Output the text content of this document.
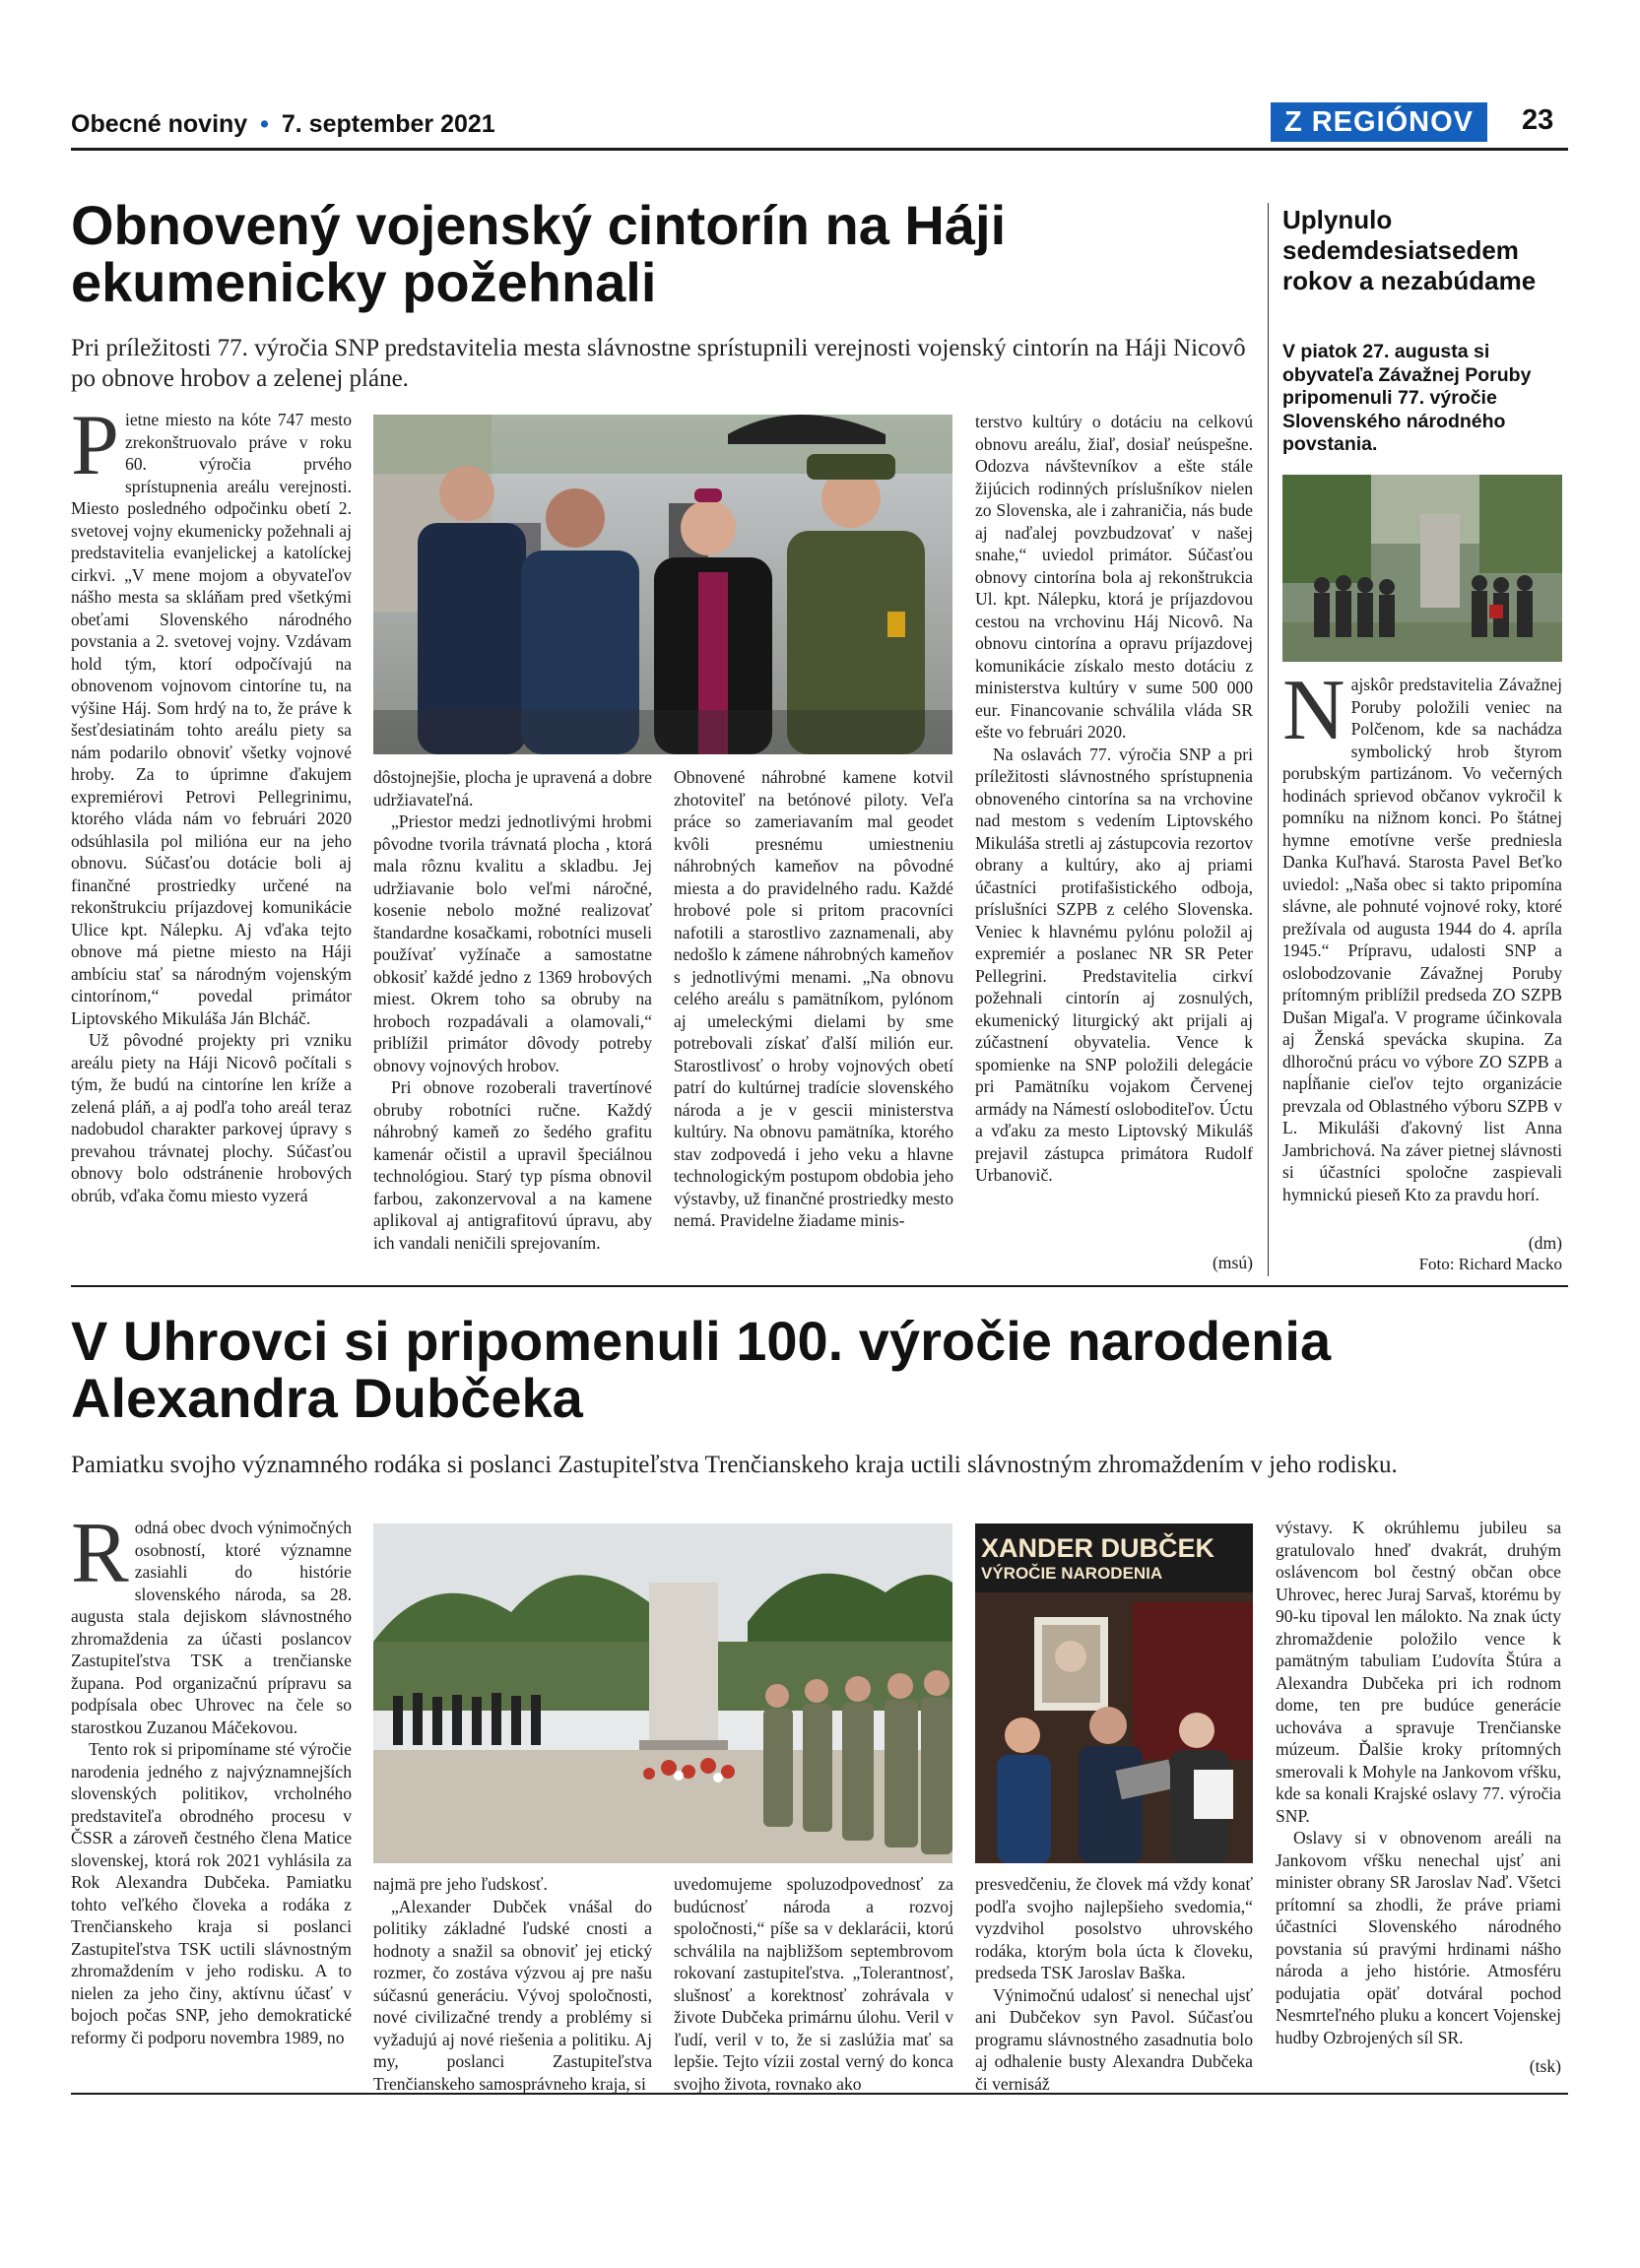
Obecné noviny • 7. september 2021	Z REGIÓNOV	23
Obnovený vojenský cintorín na Háji
ekumenicky požehnali
Pri príležitosti 77. výročia SNP predstavitelia mesta slávnostne sprístupnili verejnosti vojenský cintorín na Háji Nicovô po obnove hrobov a zelenej pláne.
P ietne miesto na kóte 747 mesto zrekonštruovalo práve v roku 60. výročia prvého sprístupnenia areálu verejnosti. Miesto posledného odpočinku obetí 2. svetovej vojny ekumenicky požehnali aj predstavitelia evanjelickej a katolíckej cirkvi. „V mene mojom a obyvateľov nášho mesta sa skláňam pred všetkými obeťami Slovenského národného povstania a 2. svetovej vojny. Vzdávam hold tým, ktorí odpočívajú na obnovenom vojnovom cintoríne tu, na výšine Háj. Som hrdý na to, že práve k šesťdesiatinám tohto areálu piety sa nám podarilo obnoviť všetky vojnové hroby. Za to úprimne ďakujem expremiérovi Petrovi Pellegrinimu, ktorého vláda nám vo februári 2020 odsúhlasila pol milióna eur na jeho obnovu. Súčasťou dotácie boli aj finančné prostriedky určené na rekonštrukciu príjazdovej komunikácie Ulice kpt. Nálepku. Aj vďaka tejto obnove má pietne miesto na Háji ambíciu stať sa národným vojenským cintorínom,“ povedal primátor Liptovského Mikuláša Ján Blcháč.

Už pôvodné projekty pri vzniku areálu piety na Háji Nicovô počítali s tým, že budú na cintoríne len kríže a zelená pláň, a aj podľa toho areál teraz nadobudol charakter parkovej úpravy s prevahou trávnatej plochy. Súčasťou obnovy bolo odstránenie hrobových obrúb, vďaka čomu miesto vyzerá

dôstojnejšie, plocha je upravená a dobre udržiavateľná.

„Priestor medzi jednotlivými hrobmi pôvodne tvorila trávnatá plocha , ktorá mala rôznu kvalitu a skladbu. Jej udržiavanie bolo veľmi náročné, kosenie nebolo možné realizovať štandardne kosačkami, robotníci museli používať vyžínače a samostatne obkosiť každé jedno z 1369 hrobových miest. Okrem toho sa obruby na hroboch rozpadávali a olamovali,“ priblížil primátor dôvody potreby obnovy vojnových hrobov.

Pri obnove rozoberali travertínové obruby robotníci ručne. Každý náhrobný kameň zo šedého grafitu kamenár očistil a upravil špeciálnou technológiou. Starý typ písma obnovil farbou, zakonzervoval a na kamene aplikoval aj antigrafitovú úpravu, aby ich vandali neničili sprejovaním.

Obnovené náhrobné kamene kotvil zhotoviteľ na betónové piloty. Veľa práce so zameriavaním mal geodet kvôli presnému umiestneniu náhrobných kameňov na pôvodné miesta a do pravidelného radu. Každé hrobové pole si pritom pracovníci nafotili a starostlivo zaznamenali, aby nedošlo k zámene náhrobných kameňov s jednotlivými menami. „Na obnovu celého areálu s pamätníkom, pylónom aj umeleckými dielami by sme potrebovali získať ďalší milión eur. Starostlivosť o hroby vojnových obetí patrí do kultúrnej tradície slovenského národa a je v gescii ministerstva kultúry. Na obnovu pamätníka, ktorého stav zodpovedá i jeho veku a hlavne technologickým postupom obdobia jeho výstavby, už finančné prostriedky mesto nemá. Pravidelne žiadame minis-

terstvo kultúry o dotáciu na celkovú obnovu areálu, žiaľ, dosiaľ neúspešne. Odozva návštevníkov a ešte stále žijúcich rodinných príslušníkov nielen zo Slovenska, ale i zahraničia, nás bude aj naďalej povzbudzovať v našej snahe,“ uviedol primátor. Súčasťou obnovy cintorína bola aj rekonštrukcia Ul. kpt. Nálepku, ktorá je príjazdovou cestou na vrchovinu Háj Nicovô. Na obnovu cintorína a opravu príjazdovej komunikácie získalo mesto dotáciu z ministerstva kultúry v sume 500 000 eur. Financovanie schválila vláda SR ešte vo februári 2020.

Na oslavách 77. výročia SNP a pri príležitosti slávnostného sprístupnenia obnoveného cintorína sa na vrchovine nad mestom s vedením Liptovského Mikuláša stretli aj zástupcovia rezortov obrany a kultúry, ako aj priami účastníci protifašistického odboja, príslušníci SZPB z celého Slovenska. Veniec k hlavnému pylónu položil aj expremiér a poslanec NR SR Peter Pellegrini. Predstavitelia cirkví požehnali cintorín aj zosnulých, ekumenický liturgický akt prijali aj zúčastnení obyvatelia. Vence k spomienke na SNP položili delegácie pri Pamätníku vojakom Červenej armády na Námestí osloboditeľov. Úctu a vďaku za mesto Liptovský Mikuláš prejavil zástupca primátora Rudolf Urbanovič.

(msú)
Uplynulo sedemdesiatsedem rokov a nezabúdame
V piatok 27. augusta si obyvateľa Závažnej Poruby pripomenuli 77. výročie Slovenského národného povstania.
N ajskôr predstavitelia Závažnej Poruby položili veniec na Polčenom, kde sa nachádza symbolický hrob štyrom porubským partizánom. Vo večerných hodinách sprievod občanov vykročil k pomníku na nižnom konci. Po štátnej hymne emotívne verše predniesla Danka Kuľhavá. Starosta Pavel Beťko uviedol: „Naša obec si takto pripomína slávne, ale pohnuté vojnové roky, ktoré prežívala od augusta 1944 do 4. apríla 1945.“ Prípravu, udalosti SNP a oslobodzovanie Závažnej Poruby prítomným priblížil predseda ZO SZPB Dušan Migaľa. V programe účinkovala aj Ženská spevácka skupina. Za dlhoročnú prácu vo výbore ZO SZPB a napĺňanie cieľov tejto organizácie prevzala od Oblastného výboru SZPB v L. Mikuláši ďakovný list Anna Jambrichová. Na záver pietnej slávnosti si účastníci spoločne zaspievali hymnickú pieseň Kto za pravdu horí.

(dm)
Foto: Richard Macko
V Uhrovci si pripomenuli 100. výročie narodenia
Alexandra Dubčeka
Pamiatku svojho významného rodáka si poslanci Zastupiteľstva Trenčianskeho kraja uctili slávnostným zhromaždením v jeho rodisku.
R odná obec dvoch výnimočných osobností, ktoré významne zasiahli do histórie slovenského národa, sa 28. augusta stala dejiskom slávnostného zhromaždenia za účasti poslancov Zastupiteľstva TSK a trenčianske župana. Pod organizačnú prípravu sa podpísala obec Uhrovec na čele so starostkou Zuzanou Máčekovou.

Tento rok si pripomíname sté výročie narodenia jedného z najvýznamnejších slovenských politikov, vrcholného predstaviteľa obrodného procesu v ČSSR a zároveň čestného člena Matice slovenskej, ktorá rok 2021 vyhlásila za Rok Alexandra Dubčeka. Pamiatku tohto veľkého človeka a rodáka z Trenčianskeho kraja si poslanci Zastupiteľstva TSK uctili slávnostným zhromaždením v jeho rodisku. A to nielen za jeho činy, aktívnu účasť v bojoch počas SNP, jeho demokratické reformy či podporu novembra 1989, no

XANDER DUBČEK
VÝROČIE NARODENIA

najmä pre jeho ľudskosť.

„Alexander Dubček vnášal do politiky základné ľudské cnosti a hodnoty a snažil sa obnoviť jej etický rozmer, čo zostáva výzvou aj pre našu súčasnú generáciu. Vývoj spoločnosti, nové civilizačné trendy a problémy si vyžadujú aj nové riešenia a politiku. Aj my, poslanci Zastupiteľstva Trenčianskeho samosprávneho kraja, si

uvedomujeme spoluzodpovednosť za budúcnosť národa a rozvoj spoločnosti,“ píše sa v deklarácii, ktorú schválila na najbližšom septembrovom rokovaní zastupiteľstva. „Tolerantnosť, slušnosť a korektnosť zohrávala v živote Dubčeka primárnu úlohu. Veril v ľudí, veril v to, že si zaslúžia mať sa lepšie. Tejto vízii zostal verný do konca svojho života, rovnako ako

presvedčeniu, že človek má vždy konať podľa svojho najlepšieho svedomia,“ vyzdvihol posolstvo uhrovského rodáka, ktorým bola úcta k človeku, predseda TSK Jaroslav Baška.

Výnimočnú udalosť si nenechal ujsť ani Dubčekov syn Pavol. Súčasťou programu slávnostného zasadnutia bolo aj odhalenie busty Alexandra Dubčeka či vernisáž

výstavy. K okrúhlemu jubileu sa gratulovalo hneď dvakrát, druhým oslávencom bol čestný občan obce Uhrovec, herec Juraj Sarvaš, ktorému by 90-ku tipoval len málokto. Na znak úcty zhromaždenie položilo vence k pamätným tabuliam Ľudovíta Štúra a Alexandra Dubčeka pri ich rodnom dome, ten pre budúce generácie uchováva a spravuje Trenčianske múzeum. Ďalšie kroky prítomných smerovali k Mohyle na Jankovom vŕšku, kde sa konali Krajské oslavy 77. výročia SNP.

Oslavy si v obnovenom areáli na Jankovom vŕšku nenechal ujsť ani minister obrany SR Jaroslav Naď. Všetci prítomní sa zhodli, že práve priami účastníci Slovenského národného povstania sú pravými hrdinami nášho národa a jeho histórie. Atmosféru podujatia opäť dotváral pochod Nesmrteľného pluku a koncert Vojenskej hudby Ozbrojených síl SR.

(tsk)
